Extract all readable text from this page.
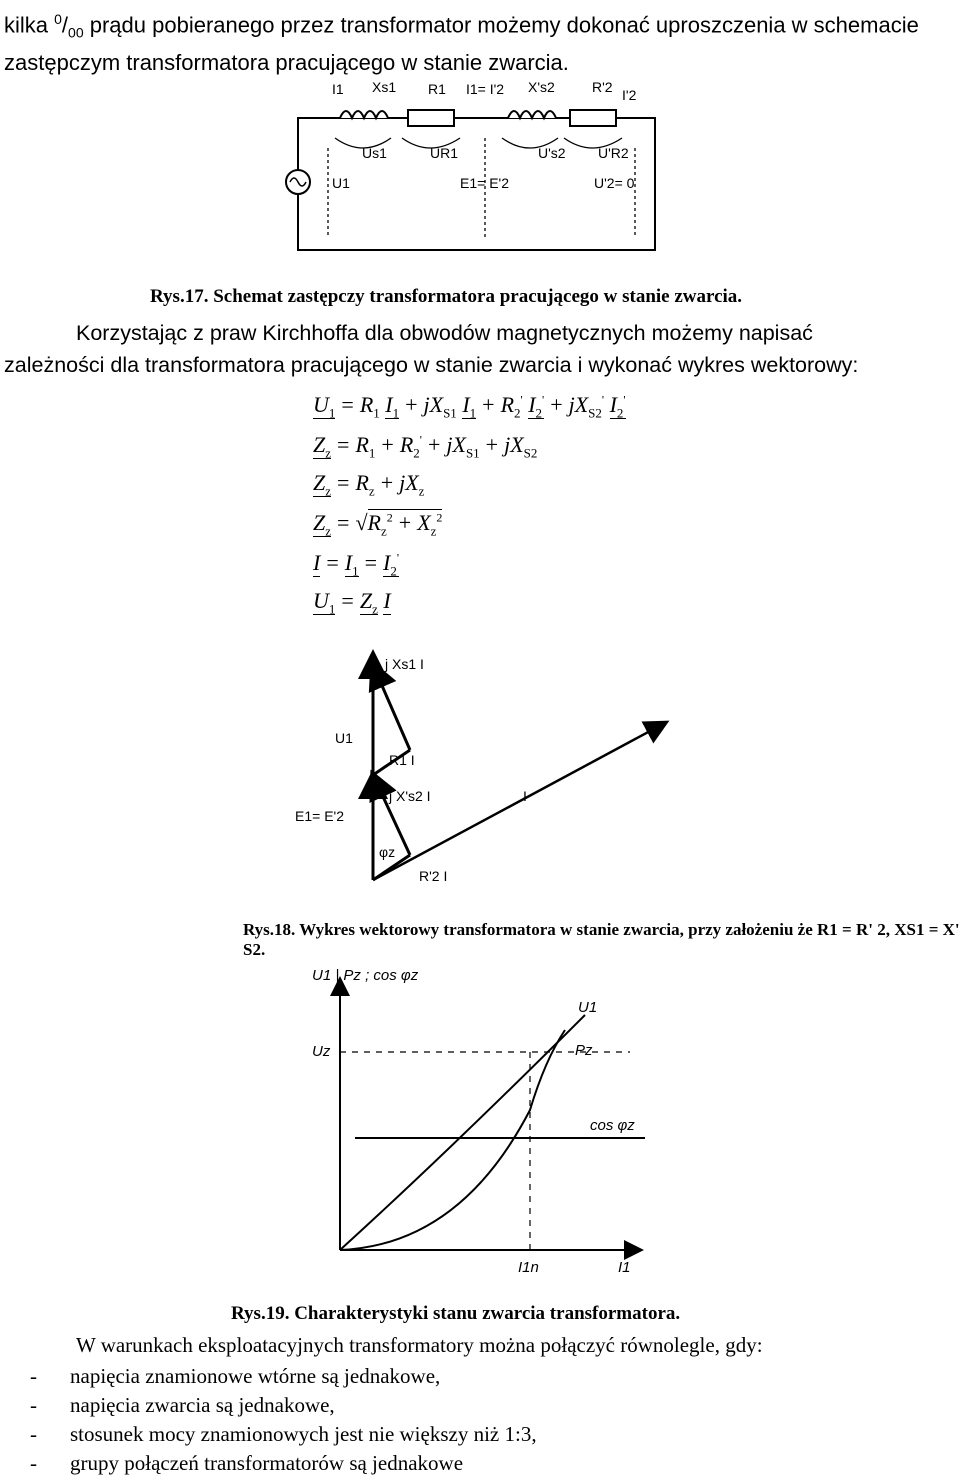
kilka $^0/_{00}$ prądu pobieranego przez transformator możemy dokonać uproszczenia w schemacie zastępczym transformatora pracującego w stanie zwarcia.
I1 Xs1 R1 I1= I'2 X's2	R'2 I'2
Us1	UR1	U's2 U'R2
U1	E1= E'2	U'2= 0
Rys.17. Schemat zastępczy transformatora pracującego w stanie zwarcia.
Korzystając z praw Kirchhoffa dla obwodów magnetycznych możemy napisać
zależności dla transformatora pracującego w stanie zwarcia i wykonać wykres wektorowy:
$U_1 = R_1$ $I_1 + jX_{S1}$ $I_1 + R_2'$ $I_2' + jX_{S2}'$ $I_2'$
$Z_z = R_1 + R_2' + jX_{S1} + jX_{S2}$
$Z_z = R_z + jX_z$
$Z_z = √R_z^2 + X_z^2$
$I = I_1 = I_2'$
$U_1 = Z_z$ I
j Xs1 I
U1
R1 I
j X's2 I
E1= E'2
I
φz
R'2 I
Rys.18. Wykres wektorowy transformatora w stanie zwarcia, przy założeniu że R1 = R' 2, XS1 = X' S2.
U1 | Pz ; cos φz
Uz
U1
Pz
cos φz
I1n	I1
Rys.19. Charakterystyki stanu zwarcia transformatora.
W warunkach eksploatacyjnych transformatory można połączyć równolegle, gdy:
- napięcia znamionowe wtórne są jednakowe,
- napięcia zwarcia są jednakowe,
- stosunek mocy znamionowych jest nie większy niż 1:3,
- grupy połączeń transformatorów są jednakowe
